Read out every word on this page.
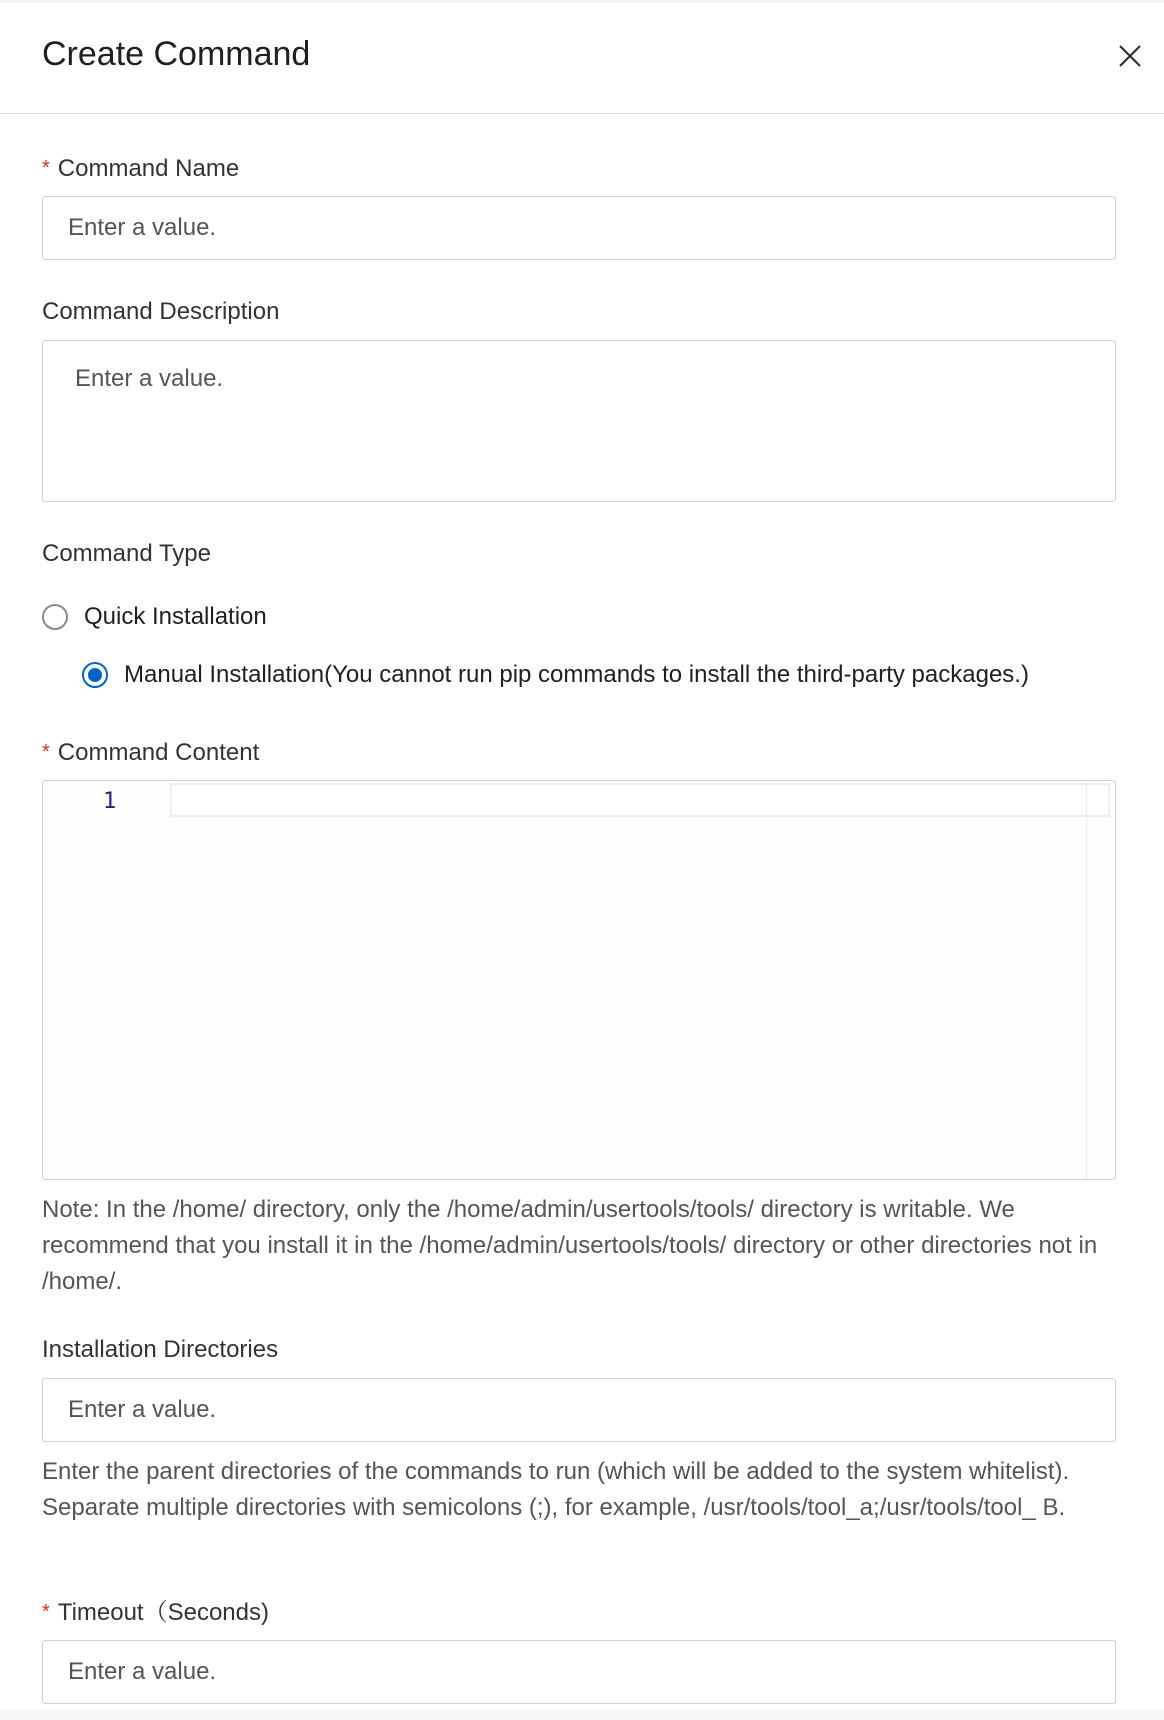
Create Command
* Command Name
Enter a value.
Command Description
Enter a value.
Command Type
Quick Installation
Manual Installation(You cannot run pip commands to install the third-party packages.)
* Command Content
1
Note: In the /home/ directory, only the /home/admin/usertools/tools/ directory is writable. We recommend that you install it in the /home/admin/usertools/tools/ directory or other directories not in /home/.
Installation Directories
Enter a value.
Enter the parent directories of the commands to run (which will be added to the system whitelist). Separate multiple directories with semicolons (;), for example, /usr/tools/tool_a;/usr/tools/tool_ B.
* Timeout（Seconds)
Enter a value.
